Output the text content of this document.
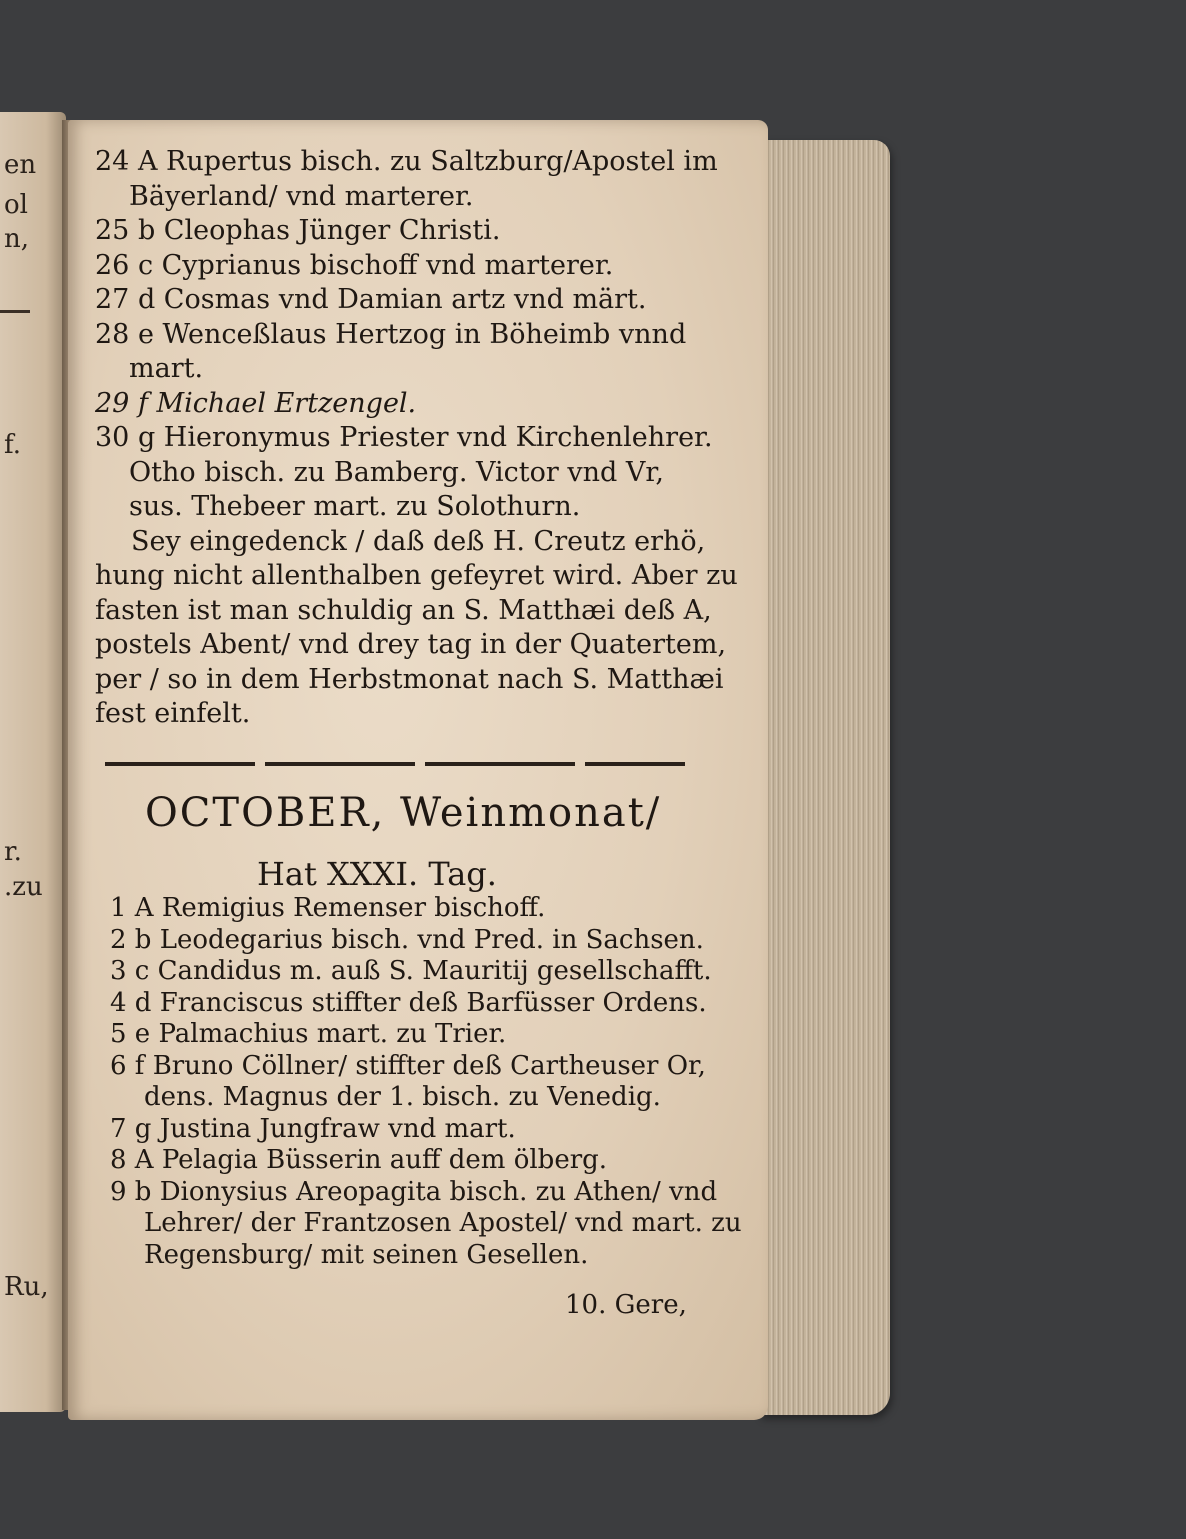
en
ol
n,
f.
r.
.zu
Ru,
24 A Rupertus bisch. zu Saltzburg/Apostel im
Bäyerland/ vnd marterer.
25 b Cleophas Jünger Christi.
26 c Cyprianus bischoff vnd marterer.
27 d Cosmas vnd Damian artz vnd märt.
28 e Wenceßlaus Hertzog in Böheimb vnnd
mart.
29 f Michael Ertzengel.
30 g Hieronymus Priester vnd Kirchenlehrer.
Otho bisch. zu Bamberg. Victor vnd Vr,
sus. Thebeer mart. zu Solothurn.
Sey eingedenck / daß deß H. Creutz erhö,
hung nicht allenthalben gefeyret wird. Aber zu
fasten ist man schuldig an S. Matthæi deß A,
postels Abent/ vnd drey tag in der Quatertem,
per / so in dem Herbstmonat nach S. Matthæi
fest einfelt.
OCTOBER, Weinmonat/
Hat XXXI. Tag.
1 A Remigius Remenser bischoff.
2 b Leodegarius bisch. vnd Pred. in Sachsen.
3 c Candidus m. auß S. Mauritij gesellschafft.
4 d Franciscus stiffter deß Barfüsser Ordens.
5 e Palmachius mart. zu Trier.
6 f Bruno Cöllner/ stiffter deß Cartheuser Or,
dens. Magnus der 1. bisch. zu Venedig.
7 g Justina Jungfraw vnd mart.
8 A Pelagia Büsserin auff dem ölberg.
9 b Dionysius Areopagita bisch. zu Athen/ vnd
Lehrer/ der Frantzosen Apostel/ vnd mart. zu
Regensburg/ mit seinen Gesellen.
10. Gere,
